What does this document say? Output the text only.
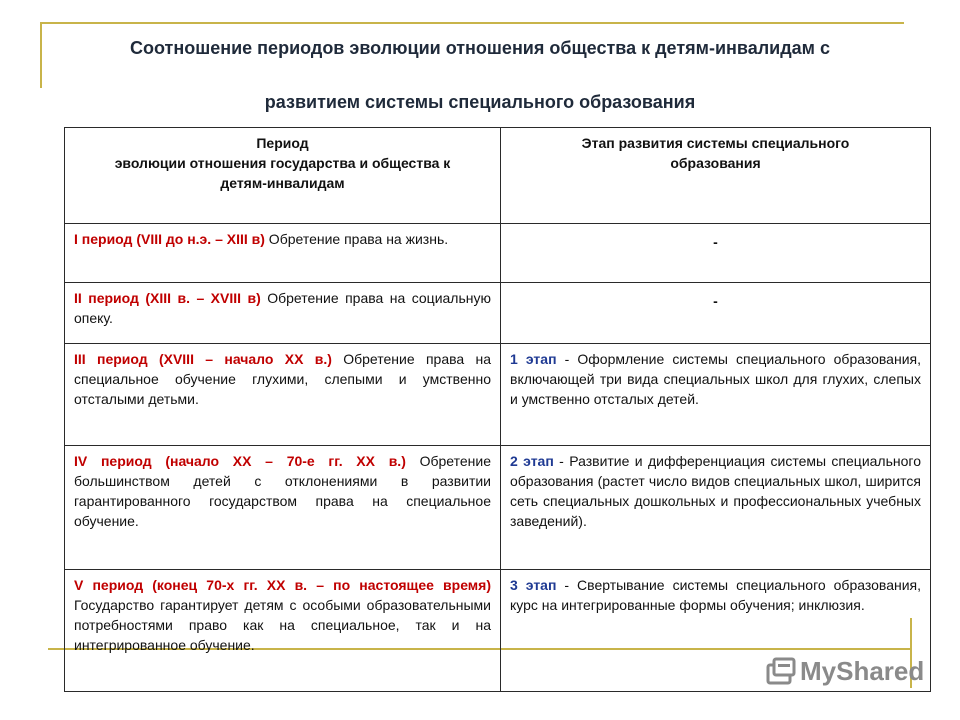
Соотношение периодов эволюции отношения общества к детям-инвалидам с
развитием системы специального образования
Период
эволюции отношения государства и общества к
детям-инвалидам	Этап развития системы специального образования

I период (VIII до н.э. – XIII в) Обретение права на жизнь.	-
II период (XIII в. – XVIII в) Обретение права на социальную опеку.	-
III период (XVIII – начало XX в.) Обретение права на специальное обучение глухими, слепыми и умственно отсталыми детьми.	1 этап - Оформление системы специального образования, включающей три вида специальных школ для глухих, слепых и умственно отсталых детей.
IV период (начало XX – 70-е гг. XX в.) Обретение большинством детей с отклонениями в развитии гарантированного государством права на специальное обучение.	2 этап - Развитие и дифференциация системы специального образования (растет число видов специальных школ, ширится сеть специальных дошкольных и профессиональных учебных заведений).
V период (конец 70-х гг. XX в. – по настоящее время) Государство гарантирует детям с особыми образовательными потребностями право как на специальное, так и на интегрированное обучение.	3 этап - Свертывание системы специального образования, курс на интегрированные формы обучения; инклюзия.
MyShared
